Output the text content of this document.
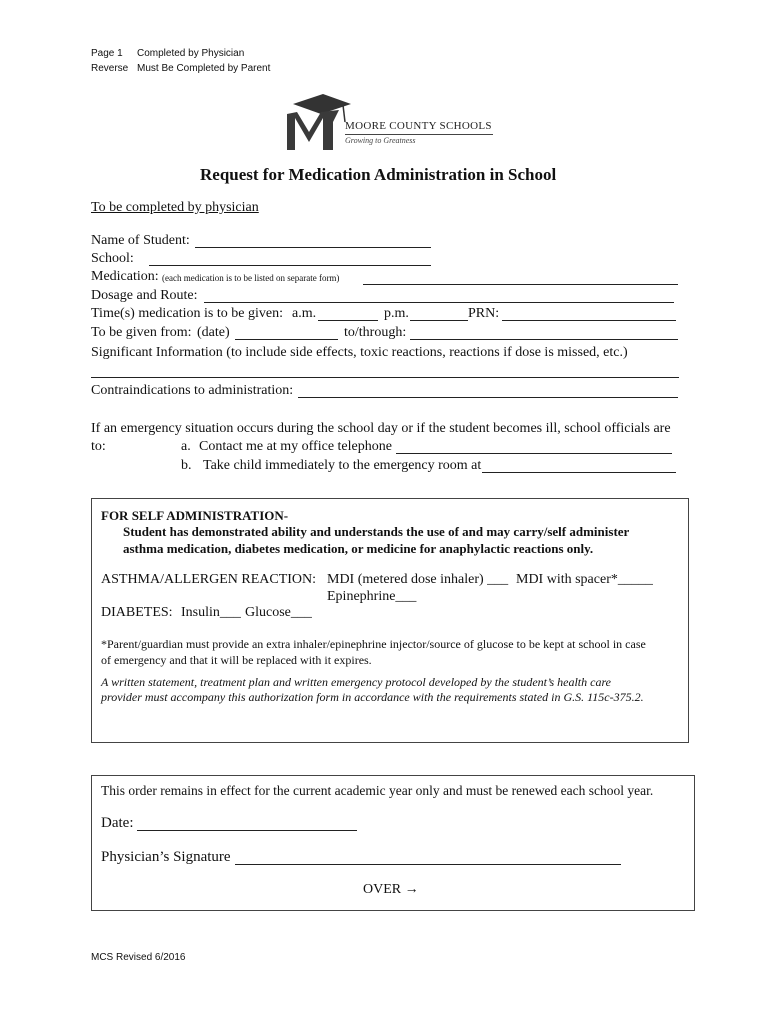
Page 1 Completed by Physician
Reverse Must Be Completed by Parent
MOORE COUNTY SCHOOLS
Growing to Greatness
Request for Medication Administration in School
To be completed by physician
Name of Student:
School:
Medication: (each medication is to be listed on separate form)
Dosage and Route:
Time(s) medication is to be given: a.m.	p.m.	PRN:
To be given from: (date)	to/through:
Significant Information (to include side effects, toxic reactions, reactions if dose is missed, etc.)
Contraindications to administration:
If an emergency situation occurs during the school day or if the student becomes ill, school officials are
to:	a. Contact me at my office telephone
b. Take child immediately to the emergency room at
FOR SELF ADMINISTRATION-
Student has demonstrated ability and understands the use of and may carry/self administer
asthma medication, diabetes medication, or medicine for anaphylactic reactions only.
ASTHMA/ALLERGEN REACTION: MDI (metered dose inhaler) ___ MDI with spacer*_____
Epinephrine___
DIABETES: Insulin___ Glucose___
*Parent/guardian must provide an extra inhaler/epinephrine injector/source of glucose to be kept at school in case
of emergency and that it will be replaced with it expires.
A written statement, treatment plan and written emergency protocol developed by the student’s health care
provider must accompany this authorization form in accordance with the requirements stated in G.S. 115c-375.2.
This order remains in effect for the current academic year only and must be renewed each school year.
Date:
Physician’s Signature
OVER →
MCS Revised 6/2016
